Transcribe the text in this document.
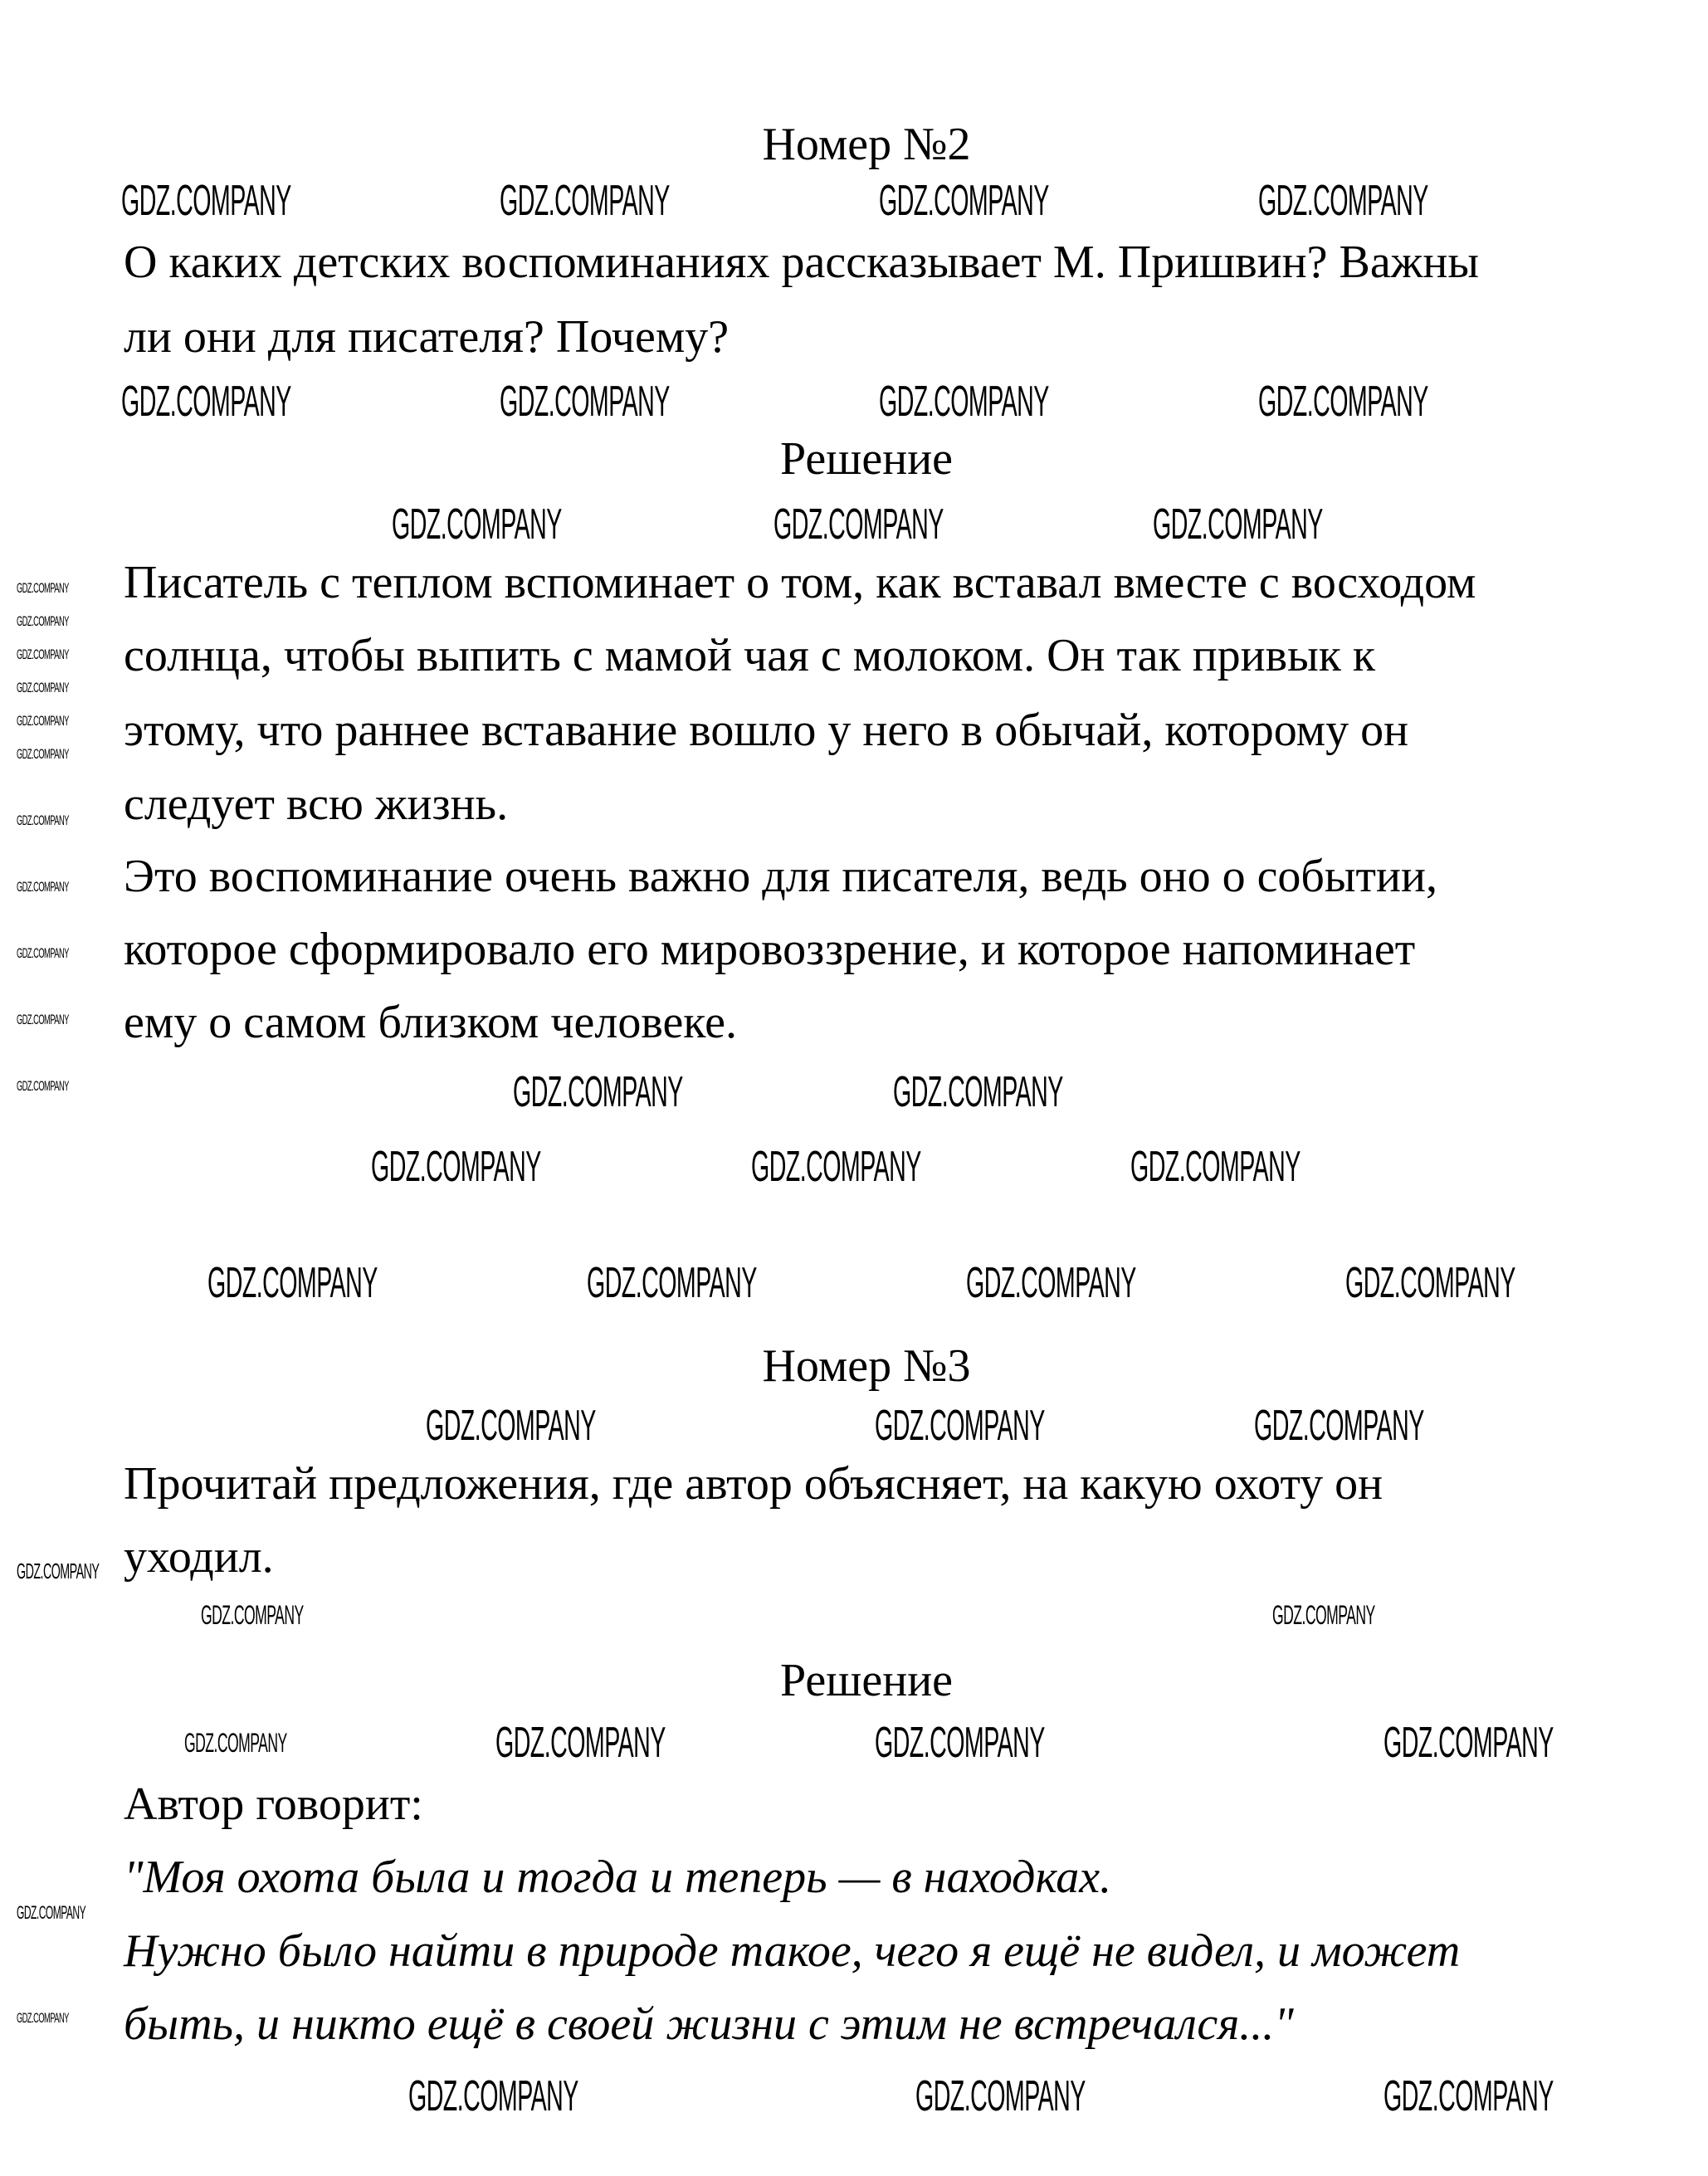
Номер №2
О каких детских воспоминаниях рассказывает М. Пришвин? Важны
ли они для писателя? Почему?
Решение
Писатель с теплом вспоминает о том, как вставал вместе с восходом
солнца, чтобы выпить с мамой чая с молоком. Он так привык к
этому, что раннее вставание вошло у него в обычай, которому он
следует всю жизнь.
Это воспоминание очень важно для писателя, ведь оно о событии,
которое сформировало его мировоззрение, и которое напоминает
ему о самом близком человеке.
Номер №3
Прочитай предложения, где автор объясняет, на какую охоту он
уходил.
Решение
Автор говорит:
"Моя охота была и тогда и теперь — в находках.
Нужно было найти в природе такое, чего я ещё не видел, и может
быть, и никто ещё в своей жизни с этим не встречался..."
GDZ.COMPANY	GDZ.COMPANY	GDZ.COMPANY	GDZ.COMPANY
GDZ.COMPANY	GDZ.COMPANY	GDZ.COMPANY	GDZ.COMPANY
GDZ.COMPANY	GDZ.COMPANY	GDZ.COMPANY
GDZ.COMPANY	GDZ.COMPANY
GDZ.COMPANY	GDZ.COMPANY	GDZ.COMPANY
GDZ.COMPANY	GDZ.COMPANY	GDZ.COMPANY	GDZ.COMPANY
GDZ.COMPANY	GDZ.COMPANY	GDZ.COMPANY
GDZ.COMPANY	GDZ.COMPANY	GDZ.COMPANY
GDZ.COMPANY	GDZ.COMPANY	GDZ.COMPANY
GDZ.COMPANY	GDZ.COMPANY
GDZ.COMPANY
GDZ.COMPANY
GDZ.COMPANY
GDZ.COMPANY
GDZ.COMPANY
GDZ.COMPANY
GDZ.COMPANY
GDZ.COMPANY
GDZ.COMPANY
GDZ.COMPANY
GDZ.COMPANY
GDZ.COMPANY
GDZ.COMPANY
GDZ.COMPANY
GDZ.COMPANY
